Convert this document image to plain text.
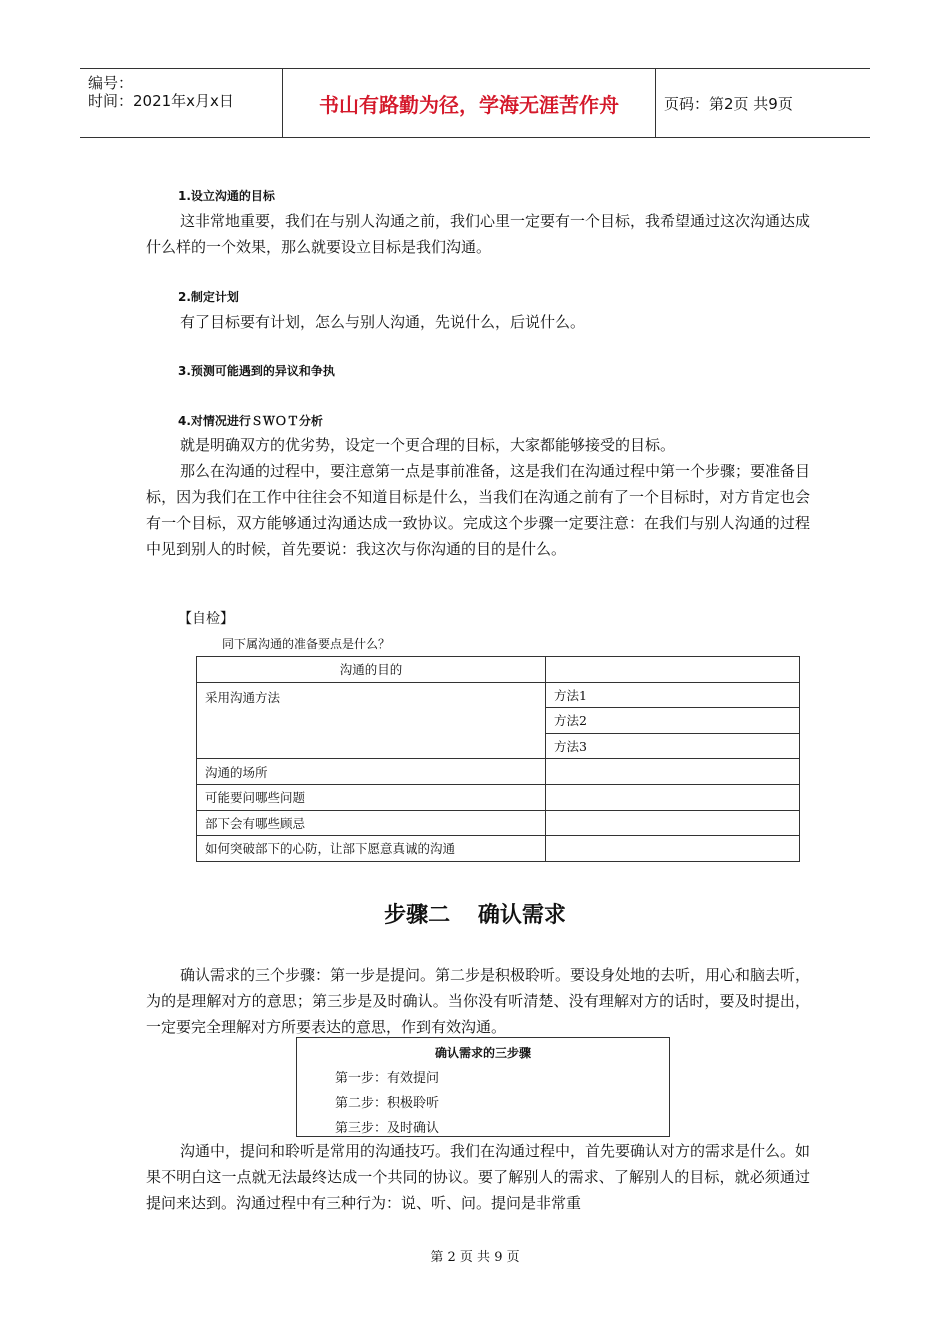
编号：
时间：2021年x月x日	书山有路勤为径，学海无涯苦作舟	页码：第2页 共9页
1.设立沟通的目标

这非常地重要，我们在与别人沟通之前，我们心里一定要有一个目标，我希望通过这次沟通达成什么样的一个效果，那么就要设立目标是我们沟通。

2.制定计划

有了目标要有计划，怎么与别人沟通，先说什么，后说什么。

3.预测可能遇到的异议和争执
4.对情况进行ＳＷＯＴ分析

就是明确双方的优劣势，设定一个更合理的目标，大家都能够接受的目标。

那么在沟通的过程中，要注意第一点是事前准备，这是我们在沟通过程中第一个步骤；要准备目标，因为我们在工作中往往会不知道目标是什么，当我们在沟通之前有了一个目标时，对方肯定也会有一个目标，双方能够通过沟通达成一致协议。完成这个步骤一定要注意：在我们与别人沟通的过程中见到别人的时候，首先要说：我这次与你沟通的目的是什么。

【自检】
同下属沟通的准备要点是什么？
沟通的目的	
采用沟通方法	方法1
	方法2
	方法3
沟通的场所	
可能要问哪些问题	
部下会有哪些顾忌	
如何突破部下的心防，让部下愿意真诚的沟通	
步骤二 确认需求

确认需求的三个步骤：第一步是提问。第二步是积极聆听。要设身处地的去听，用心和脑去听，为的是理解对方的意思；第三步是及时确认。当你没有听清楚、没有理解对方的话时，要及时提出，一定要完全理解对方所要表达的意思，作到有效沟通。

确认需求的三步骤
第一步：有效提问
第二步：积极聆听
第三步：及时确认

沟通中，提问和聆听是常用的沟通技巧。我们在沟通过程中，首先要确认对方的需求是什么。如果不明白这一点就无法最终达成一个共同的协议。要了解别人的需求、了解别人的目标，就必须通过提问来达到。沟通过程中有三种行为：说、听、问。提问是非常重

第 2 页 共 9 页
